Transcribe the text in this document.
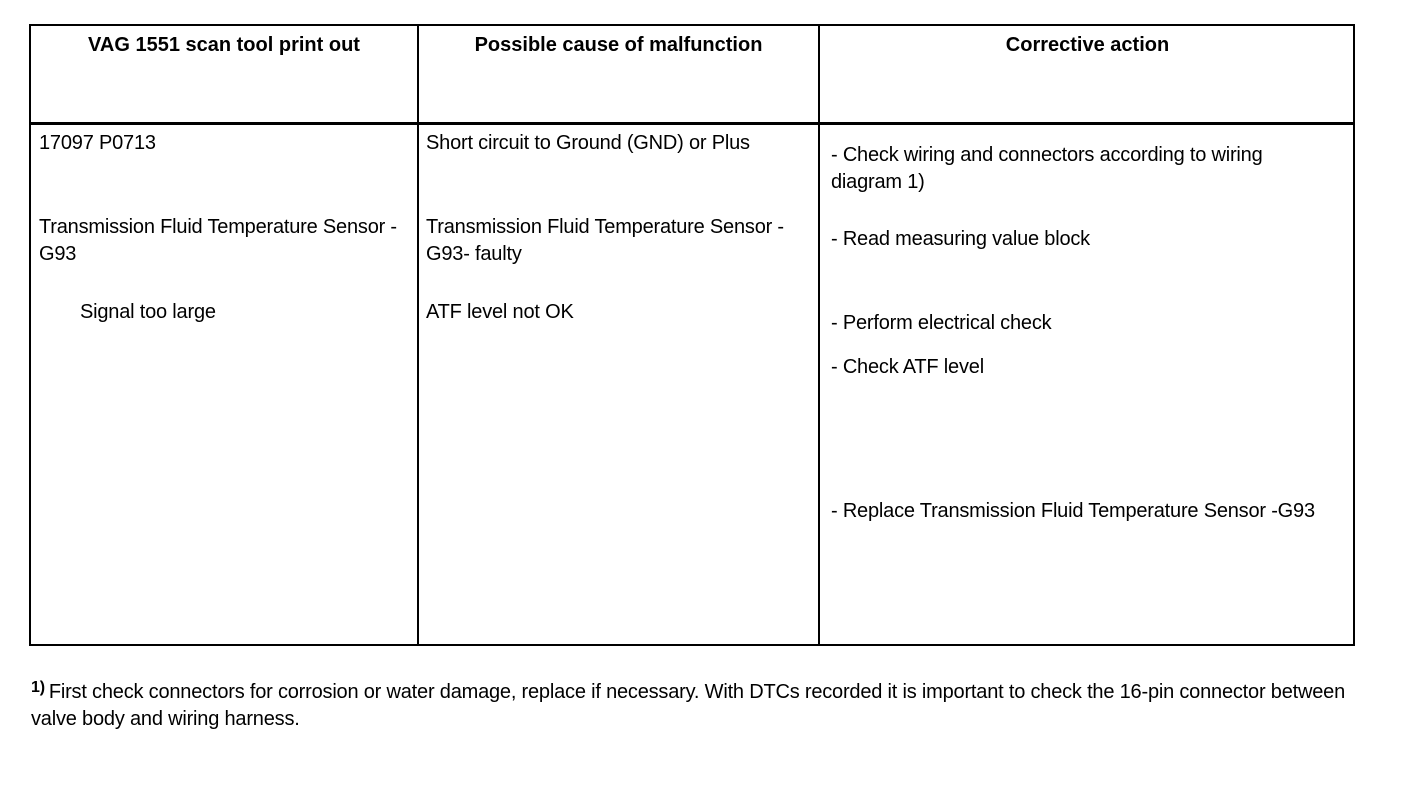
VAG 1551 scan tool print out	Possible cause of malfunction	Corrective action
17097 P0713
Transmission Fluid Temperature Sensor -G93
Signal too large
Short circuit to Ground (GND) or Plus
Transmission Fluid Temperature Sensor -G93- faulty
ATF level not OK
- Check wiring and connectors according to wiring diagram 1)
- Read measuring value block
- Perform electrical check
- Check ATF level
- Replace Transmission Fluid Temperature Sensor -G93
$^{1)}$ First check connectors for corrosion or water damage, replace if necessary. With DTCs recorded it is important to check the 16-pin connector between valve body and wiring harness.
